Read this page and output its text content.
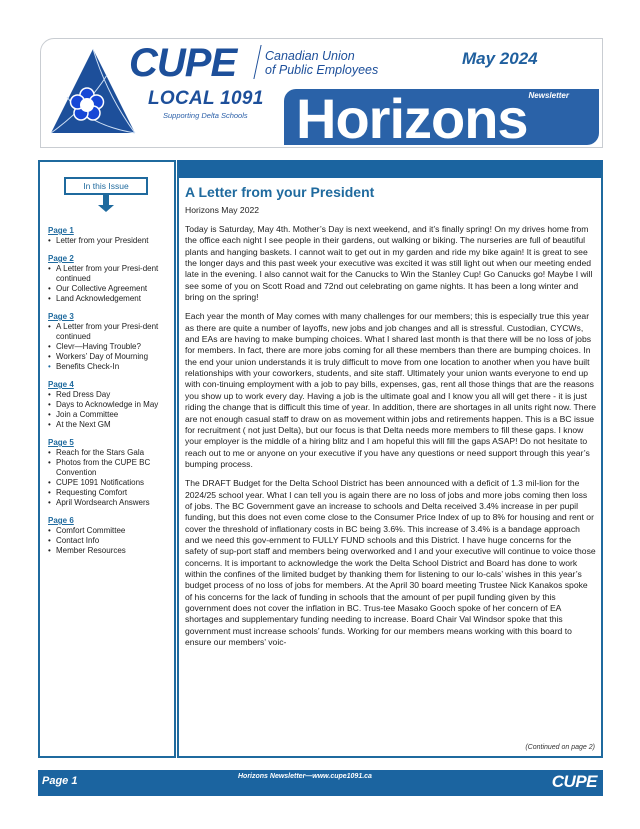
CUPE Canadian Union
of Public Employees
LOCAL 1091
Supporting Delta Schools
May 2024
Horizons Newsletter
In this Issue
Page 1
• Letter from your President
Page 2
• A Letter from your Presi-dent continued
• Our Collective Agreement
• Land Acknowledgement
Page 3
• A Letter from your Presi-dent continued
• Clevr—Having Trouble?
• Workers’ Day of Mourning
• Benefits Check-In
Page 4
• Red Dress Day
• Days to Acknowledge in May
• Join a Committee
• At the Next GM
Page 5
• Reach for the Stars Gala
• Photos from the CUPE BC Convention
• CUPE 1091 Notifications
• Requesting Comfort
• April Wordsearch Answers
Page 6
• Comfort Committee
• Contact Info
• Member Resources
A Letter from your President
Horizons May 2022

Today is Saturday, May 4th. Mother’s Day is next weekend, and it’s finally spring! On my drives home from the office each night I see people in their gardens, out walking or biking. The nurseries are full of beautiful plants and hanging baskets. I cannot wait to get out in my garden and ride my bike again! It is great to see the longer days and this past week your executive was excited it was still light out when our meeting ended late in the evening. I also cannot wait for the Canucks to Win the Stanley Cup! Go Canucks go! Maybe I will see some of you on Scott Road and 72nd out celebrating on game nights. It has been a long winter and bring on the spring!

Each year the month of May comes with many challenges for our members; this is especially true this year as there are quite a number of layoffs, new jobs and job changes and all is stressful. Custodian, CYCWs, and EAs are having to make bumping choices. What I shared last month is that there will be no loss of jobs for members. In fact, there are more jobs coming for all these members than there are bumping choices. In the end your union understands it is truly difficult to move from one location to another when you have built relationships with your coworkers, students, and site staff. Ultimately your union wants everyone to end up with con-tinuing employment with a job to pay bills, expenses, gas, rent all those things that are the reasons you show up to work every day. Having a job is the ultimate goal and I know you all will get there - it is just riding the change that is difficult this time of year. In addition, there are shortages in all units right now. There are not enough casual staff to draw on as movement within jobs and retirements happen. This is a BC issue for recruitment ( not just Delta), but our focus is that Delta needs more members to fill these gaps. I know your employer is the middle of a hiring blitz and I am hopeful this will fill the gaps ASAP! Do not hesitate to reach out to me or anyone on your executive if you have any questions or need support through this year’s bumping process.

The DRAFT Budget for the Delta School District has been announced with a deficit of 1.3 mil-lion for the 2024/25 school year. What I can tell you is again there are no loss of jobs and more jobs coming then loss of jobs. The BC Government gave an increase to schools and Delta received 3.4% increase in per pupil funding, but this does not even come close to the Consumer Price Index of up to 8% for housing and rent or cover the threshold of inflationary costs in BC being 3.6%. This increase of 3.4% is a bandage approach and we need this gov-ernment to FULLY FUND schools and this District. I have huge concerns for the safety of sup-port staff and members being overworked and I and your executive will continue to voice those concerns. It is important to acknowledge the work the Delta School District and Board has done to work within the confines of the limited budget by thanking them for listening to our lo-cals’ wishes in this year’s budget process of no loss of jobs for members. At the April 30 board meeting Trustee Nick Kanakos spoke of his concerns for the lack of funding in schools that the amount of per pupil funding given by this government does not cover the inflation in BC. Trus-tee Masako Gooch spoke of her concern of EA shortages and supplementary funding needing to increase. Board Chair Val Windsor spoke that this government must increase schools’ funds. Working for our members means working with this board to ensure our members’ voic-

(Continued on page 2)
Page 1	Horizons Newsletter—www.cupe1091.ca	CUPE
